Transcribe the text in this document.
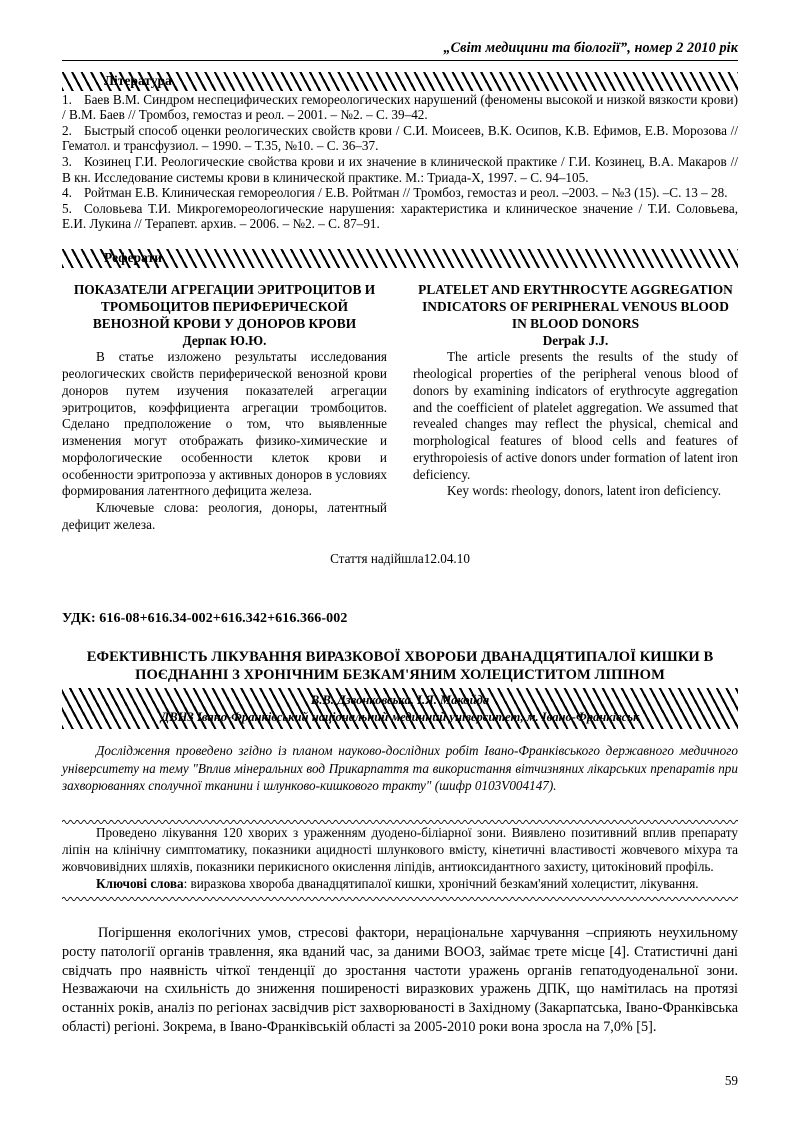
„Світ медицини та біології”, номер 2 2010 рік
Література

1. Баев В.М. Синдром неспецифических гемореологических нарушений (феномены высокой и низкой вязкости крови) / В.М. Баев // Тромбоз, гемостаз и реол. – 2001. – №2. – С. 39–42.

2. Быстрый способ оценки реологических свойств крови / С.И. Моисеев, В.К. Осипов, К.В. Ефимов, Е.В. Морозова // Гематол. и трансфузиол. – 1990. – Т.35, №10. – С. 36–37.

3. Козинец Г.И. Реологические свойства крови и их значение в клинической практике / Г.И. Козинец, В.А. Макаров // В кн. Исследование системы крови в клинической практике. М.: Триада-Х, 1997. – С. 94–105.

4. Ройтман Е.В. Клиническая гемореология / Е.В. Ройтман // Тромбоз, гемостаз и реол. –2003. – №3 (15). –С. 13 – 28.

5. Соловьева Т.И. Микрогемореологические нарушения: характеристика и клиническое значение / Т.И. Соловьева, Е.И. Лукина // Терапевт. архив. – 2006. – №2. – С. 87–91.

Реферати

ПОКАЗАТЕЛИ АГРЕГАЦИИ ЭРИТРОЦИТОВ И ТРОМБОЦИТОВ ПЕРИФЕРИЧЕСКОЙ ВЕНОЗНОЙ КРОВИ У ДОНОРОВ КРОВИ

Дерпак Ю.Ю.

В статье изложено результаты исследования реологических свойств периферической венозной крови доноров путем изучения показателей агрегации эритроцитов, коэффициента агрегации тромбоцитов. Сделано предположение о том, что выявленные изменения могут отображать физико-химические и морфологические особенности клеток крови и особенности эритропоэза у активных доноров в условиях формирования латентного дефицита железа.

Ключевые слова: реология, доноры, латентный дефицит железа.

PLATELET AND ERYTHROCYTE AGGREGATION INDICATORS OF PERIPHERAL VENOUS BLOOD IN BLOOD DONORS

Derpak J.J.

The article presents the results of the study of rheological properties of the peripheral venous blood of donors by examining indicators of erythrocyte aggregation and the coefficient of platelet aggregation. We assumed that revealed changes may reflect the physical, chemical and morphological features of blood cells and features of erythropoiesis of active donors under formation of latent iron deficiency.

Key words: rheology, donors, latent iron deficiency.

Стаття надійшла12.04.10
УДК: 616-08+616.34-002+616.342+616.366-002
ЕФЕКТИВНІСТЬ ЛІКУВАННЯ ВИРАЗКОВОЇ ХВОРОБИ ДВАНАДЦЯТИПАЛОЇ КИШКИ В ПОЄДНАННІ З ХРОНІЧНИМ БЕЗКАМ'ЯНИМ ХОЛЕЦИСТИТОМ ЛІПІНОМ
В.В. Дзвонковська, І.Я. Макойда
ДВНЗ Івано-Франківський національний медичний університет, м. Івано-Франківськ

Дослідження проведено згідно із планом науково-дослідних робіт Івано-Франківського державного медичного університету на тему "Вплив мінеральних вод Прикарпаття та використання вітчизняних лікарських препаратів при захворюваннях сполучної тканини і шлунково-кишкового тракту" (шифр 0103V004147).

Проведено лікування 120 хворих з ураженням дуодено-біліарної зони. Виявлено позитивний вплив препарату ліпін на клінічну симптоматику, показники ацидності шлункового вмісту, кінетичні властивості жовчевого міхура та жовчовивідних шляхів, показники перикисного окислення ліпідів, антиоксидантного захисту, цитокіновий профіль.

Ключові слова: виразкова хвороба дванадцятипалої кишки, хронічний безкам'яний холецистит, лікування.

Погіршення екологічних умов, стресові фактори, нераціональне харчування –сприяють неухильному росту патології органів травлення, яка вданий час, за даними ВООЗ, займає трете місце [4]. Статистичні дані свідчать про наявність чіткої тенденції до зростання частоти уражень органів гепатодуоденальної зони. Незважаючи на схильність до зниження поширеності виразкових уражень ДПК, що намітилась на протязі останніх років, аналіз по регіонах засвідчив ріст захворюваності в Західному (Закарпатська, Івано-Франківська області) регіоні. Зокрема, в Івано-Франківській області за 2005-2010 роки вона зросла на 7,0% [5].

59
